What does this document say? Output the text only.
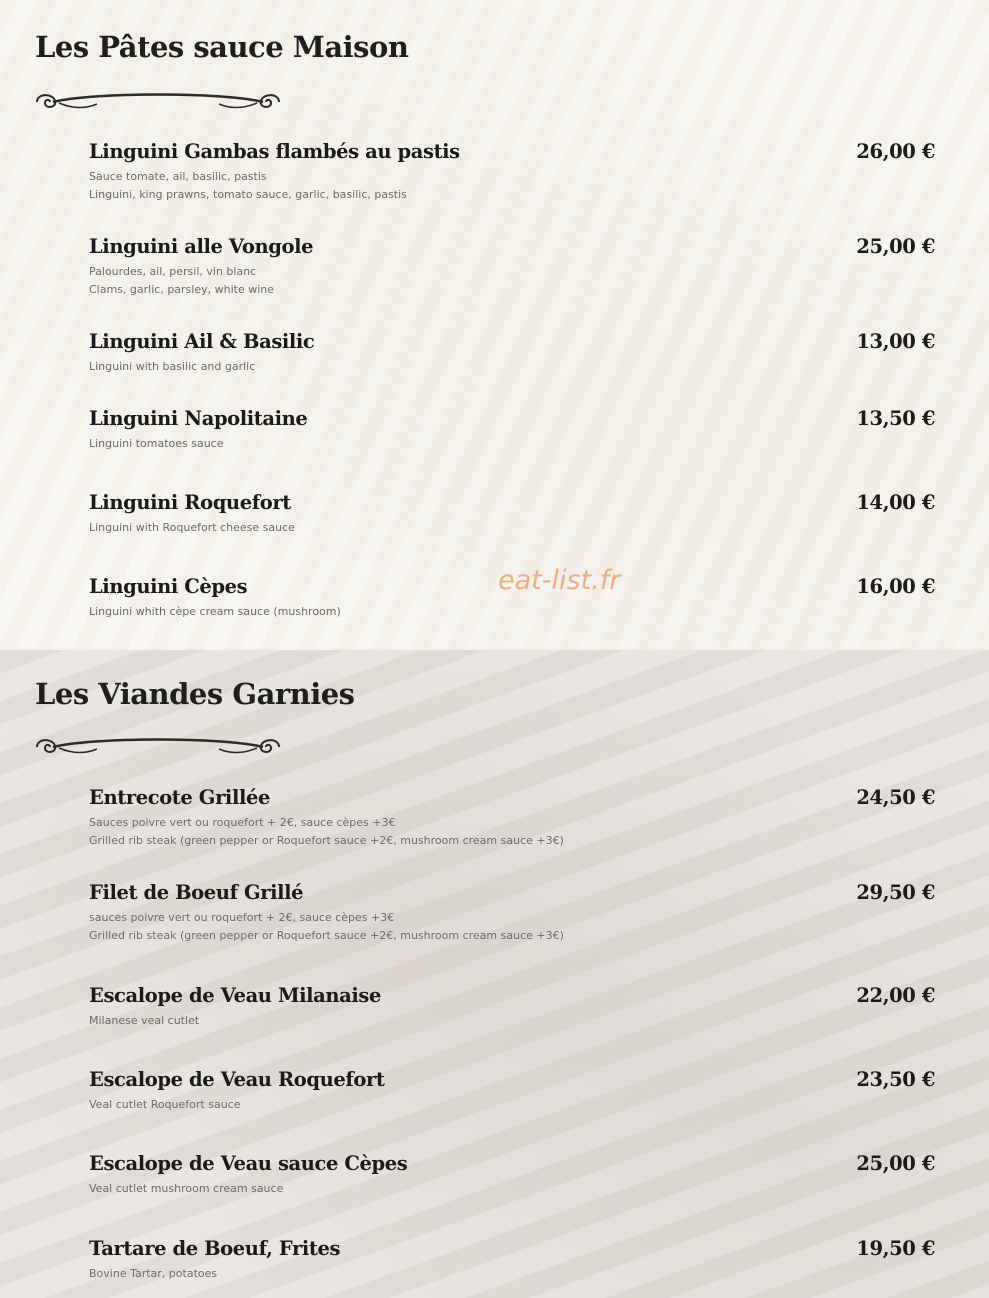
Les Pâtes sauce Maison
Linguini Gambas flambés au pastis	26,00 €
Sauce tomate, ail, basilic, pastis
Linguini, king prawns, tomato sauce, garlic, basilic, pastis
Linguini alle Vongole	25,00 €
Palourdes, ail, persil, vin blanc
Clams, garlic, parsley, white wine
Linguini Ail & Basilic	13,00 €
Linguini with basilic and garlic
Linguini Napolitaine	13,50 €
Linguini tomatoes sauce
Linguini Roquefort	14,00 €
Linguini with Roquefort cheese sauce
Linguini Cèpes	16,00 €
Linguini whith cèpe cream sauce (mushroom)
Les Viandes Garnies
Entrecote Grillée	24,50 €
Sauces poivre vert ou roquefort + 2€, sauce cèpes +3€
Grilled rib steak (green pepper or Roquefort sauce +2€, mushroom cream sauce +3€)
Filet de Boeuf Grillé	29,50 €
sauces poivre vert ou roquefort + 2€, sauce cèpes +3€
Grilled rib steak (green pepper or Roquefort sauce +2€, mushroom cream sauce +3€)
Escalope de Veau Milanaise	22,00 €
Milanese veal cutlet
Escalope de Veau Roquefort	23,50 €
Veal cutlet Roquefort sauce
Escalope de Veau sauce Cèpes	25,00 €
Veal cutlet mushroom cream sauce
Tartare de Boeuf, Frites	19,50 €
Bovine Tartar, potatoes
eat-list.fr
